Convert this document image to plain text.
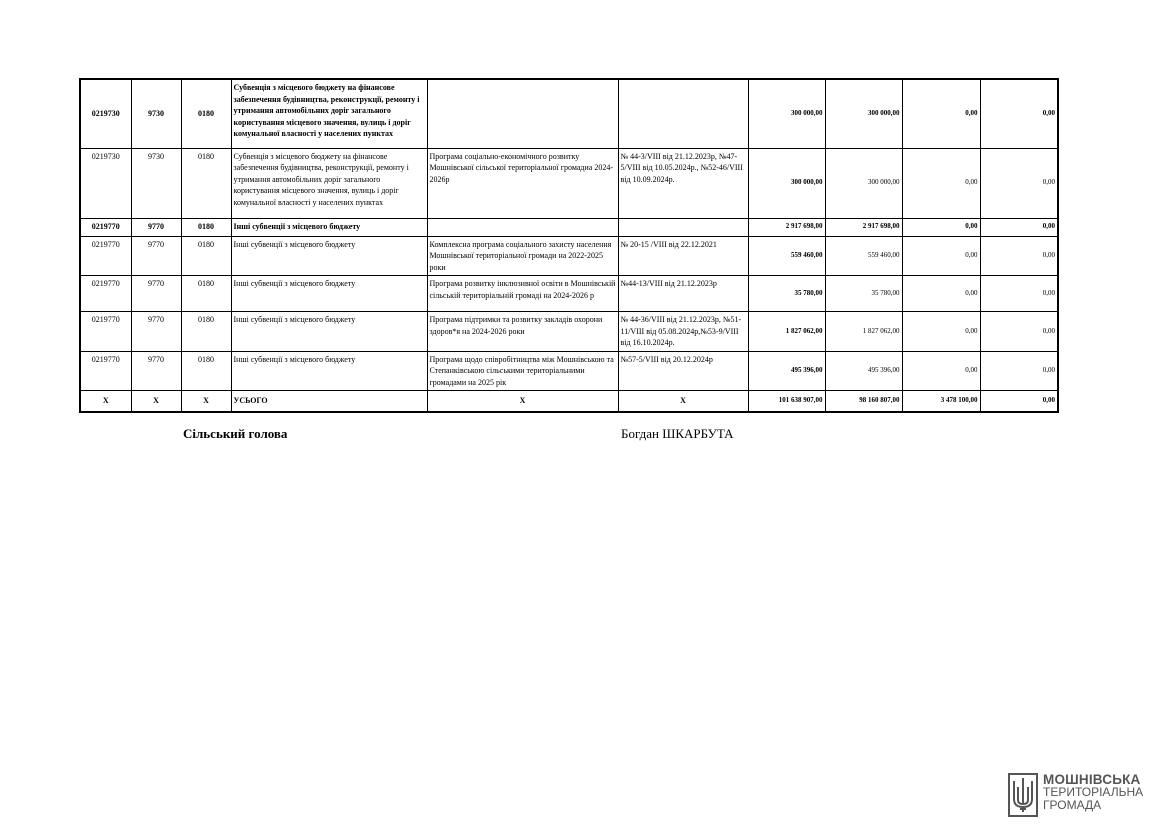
0219730	9730	0180	Субвенція з місцевого бюджету на фінансове забезпечення будівництва, реконструкції, ремонту і утримання автомобільних доріг загального користування місцевого значення, вулиць і доріг комунальної власності у населених пунктах			300 000,00	300 000,00	0,00	0,00
0219730	9730	0180	Субвенція з місцевого бюджету на фінансове забезпечення будівництва, реконструкції, ремонту і утримання автомобільних доріг загального користування місцевого значення, вулиць і доріг комунальної власності у населених пунктах	Програма соціально-економічного розвитку Мошнівської сільської територіальної громадиа 2024-2026р	№ 44-3/VIII від 21.12.2023р, №47-5/VIII від 10.05.2024р., №52-46/VIII від 10.09.2024р.	300 000,00	300 000,00	0,00	0,00
0219770	9770	0180	Інші субвенції з місцевого бюджету			2 917 698,00	2 917 698,00	0,00	0,00
0219770	9770	0180	Інші субвенції з місцевого бюджету	Комплексна програма соціального захисту населення Мошнівської територіальної громади на 2022-2025 роки	№ 20-15 /VIII від 22.12.2021	559 460,00	559 460,00	0,00	0,00
0219770	9770	0180	Інші субвенції з місцевого бюджету	Програма розвитку інклюзивної освіти в Мошнівській сільській територіальній громаді на 2024-2026 р	№44-13/VIII від 21.12.2023р	35 780,00	35 780,00	0,00	0,00
0219770	9770	0180	Інші субвенції з місцевого бюджету	Програма підтримки та розвитку закладів охорони здоров*я на 2024-2026 роки	№ 44-36/VIII від 21.12.2023р, №51-11/VIII від 05.08.2024р,№53-9/VIII від 16.10.2024р.	1 827 062,00	1 827 062,00	0,00	0,00
0219770	9770	0180	Інші субвенції з місцевого бюджету	Програма щодо співробітництва між Мошнівською та Степанківською сільськими територіальними громадами на 2025 рік	№57-5/VIII від 20.12.2024р	495 396,00	495 396,00	0,00	0,00
X	X	X	УСЬОГО	X	X	101 638 907,00	98 160 807,00	3 478 100,00	0,00
Сільський голова	Богдан ШКАРБУТА
МОШНІВСЬКА
ТЕРИТОРІАЛЬНА
ГРОМАДА
